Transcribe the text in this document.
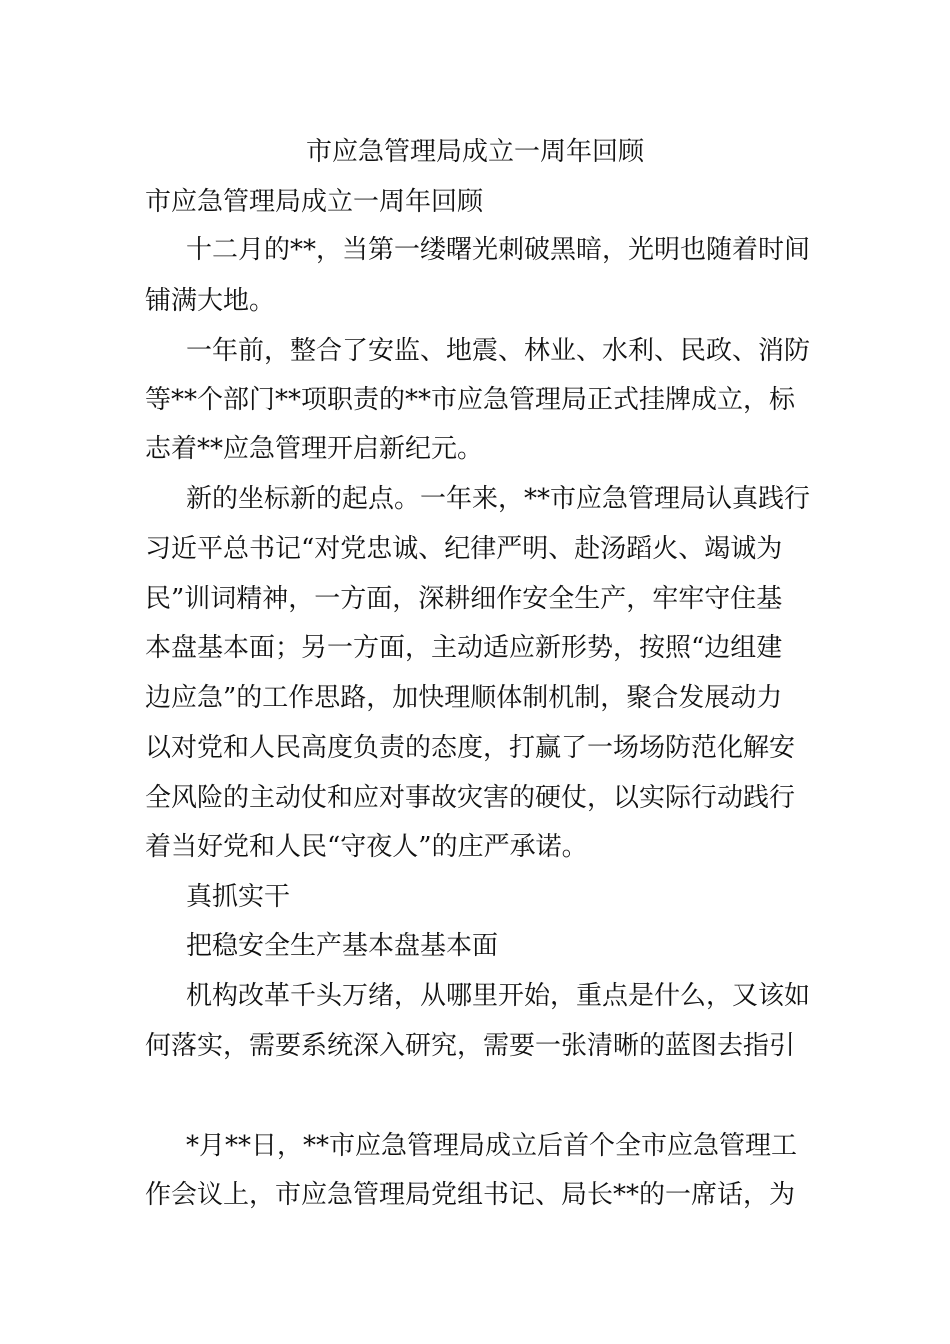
市应急管理局成立一周年回顾

市应急管理局成立一周年回顾

十二月的**，当第一缕曙光刺破黑暗，光明也随着时间

铺满大地。

一年前，整合了安监、地震、林业、水利、民政、消防

等**个部门**项职责的**市应急管理局正式挂牌成立，标

志着**应急管理开启新纪元。

新的坐标新的起点。一年来，**市应急管理局认真践行

习近平总书记“对党忠诚、纪律严明、赴汤蹈火、竭诚为

民”训词精神，一方面，深耕细作安全生产，牢牢守住基

本盘基本面；另一方面，主动适应新形势，按照“边组建

边应急”的工作思路，加快理顺体制机制，聚合发展动力

以对党和人民高度负责的态度，打赢了一场场防范化解安

全风险的主动仗和应对事故灾害的硬仗，以实际行动践行

着当好党和人民“守夜人”的庄严承诺。

真抓实干

把稳安全生产基本盘基本面

机构改革千头万绪，从哪里开始，重点是什么，又该如

何落实，需要系统深入研究，需要一张清晰的蓝图去指引

*月**日，**市应急管理局成立后首个全市应急管理工

作会议上，市应急管理局党组书记、局长**的一席话，为
